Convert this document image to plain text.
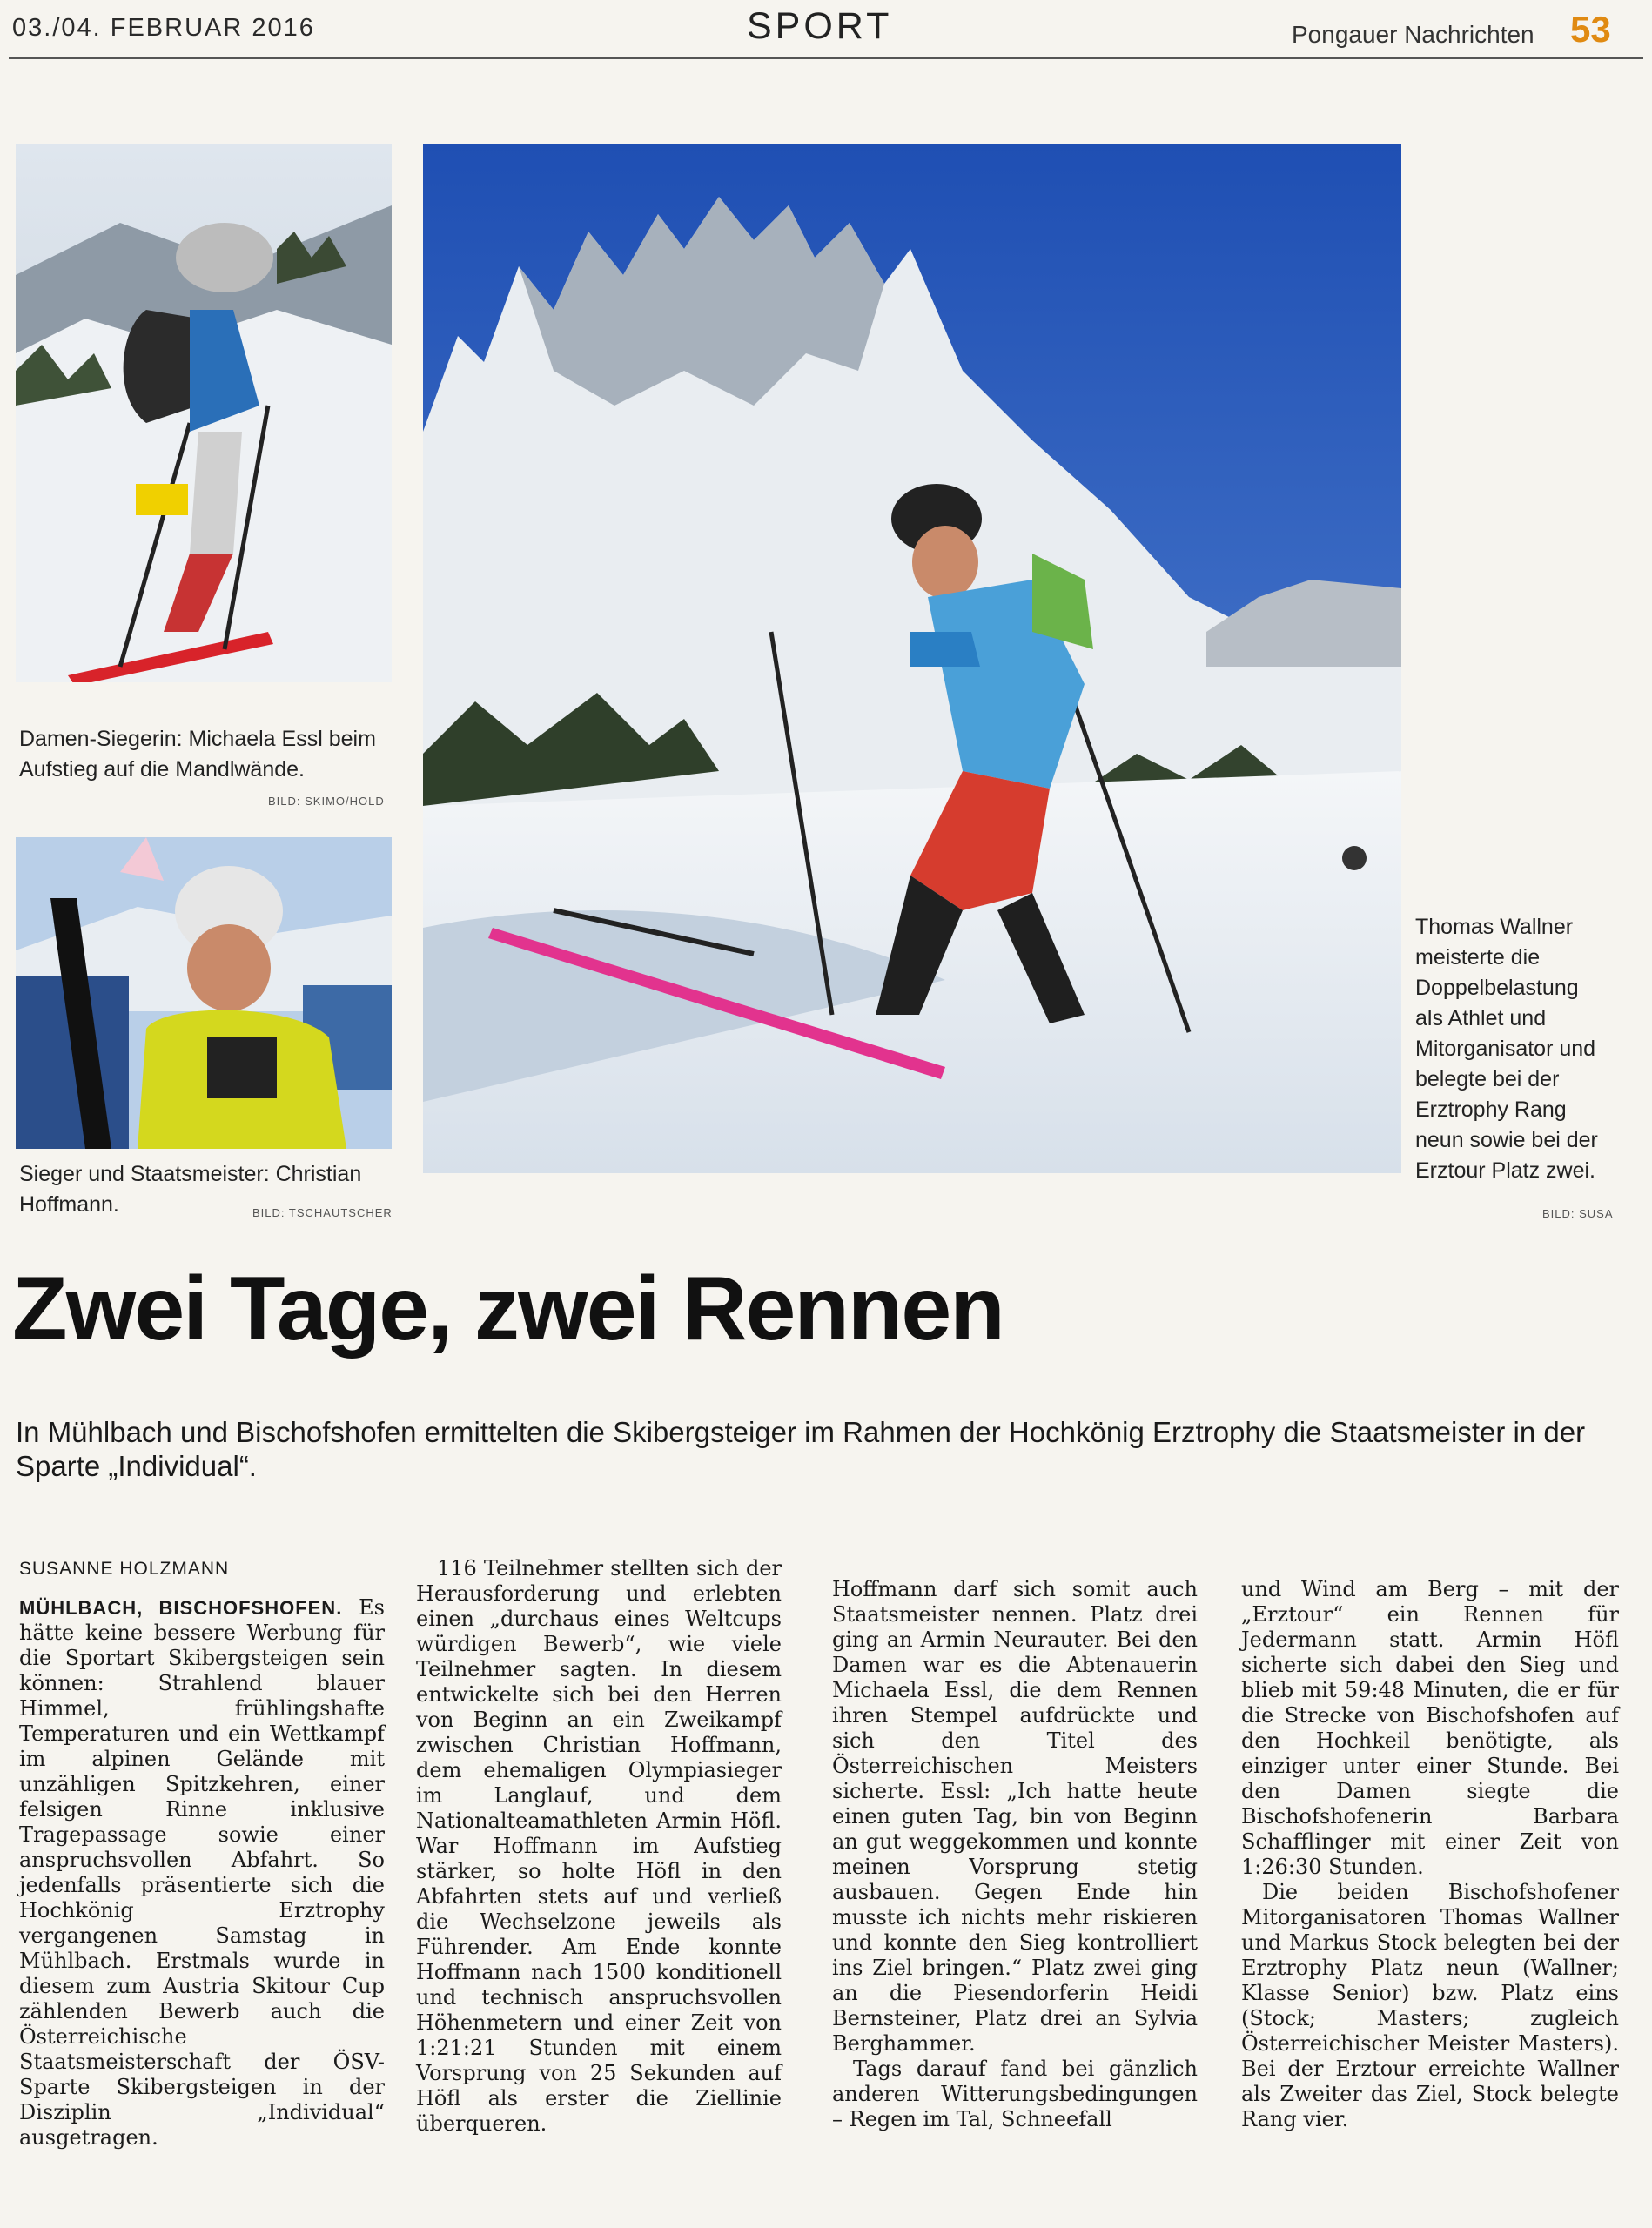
03./04. FEBRUAR 2016	SPORT	Pongauer Nachrichten 53
Damen-Siegerin: Michaela Essl beim Aufstieg auf die Mandlwände.
BILD: SKIMO/HOLD
Sieger und Staatsmeister: Christian Hoffmann.	BILD: TSCHAUTSCHER
Thomas Wallner meisterte die Doppelbelastung als Athlet und Mitorganisator und belegte bei der Erztrophy Rang neun sowie bei der Erztour Platz zwei.
BILD: SUSA
Zwei Tage, zwei Rennen
In Mühlbach und Bischofshofen ermittelten die Skibergsteiger im Rahmen der Hochkönig Erztrophy die Staatsmeister in der Sparte „Individual“.
SUSANNE HOLZMANN

MÜHLBACH, BISCHOFSHOFEN. Es hätte keine bessere Werbung für die Sportart Skibergsteigen sein können: Strahlend blauer Himmel, frühlingshafte Temperaturen und ein Wettkampf im alpinen Gelände mit unzähligen Spitzkehren, einer felsigen Rinne inklusive Tragepassage sowie einer anspruchsvollen Abfahrt. So jedenfalls präsentierte sich die Hochkönig Erztrophy vergangenen Samstag in Mühlbach. Erstmals wurde in diesem zum Austria Skitour Cup zählenden Bewerb auch die Österreichische Staatsmeisterschaft der ÖSV-Sparte Skibergsteigen in der Disziplin „Individual“ ausgetragen.

116 Teilnehmer stellten sich der Herausforderung und erlebten einen „durchaus eines Weltcups würdigen Bewerb“, wie viele Teilnehmer sagten. In diesem entwickelte sich bei den Herren von Beginn an ein Zweikampf zwischen Christian Hoffmann, dem ehemaligen Olympiasieger im Langlauf, und dem Nationalteamathleten Armin Höfl. War Hoffmann im Aufstieg stärker, so holte Höfl in den Abfahrten stets auf und verließ die Wechselzone jeweils als Führender. Am Ende konnte Hoffmann nach 1500 konditionell und technisch anspruchsvollen Höhenmetern und einer Zeit von 1:21:21 Stunden mit einem Vorsprung von 25 Sekunden auf Höfl als erster die Ziellinie überqueren.

Hoffmann darf sich somit auch Staatsmeister nennen. Platz drei ging an Armin Neurauter. Bei den Damen war es die Abtenauerin Michaela Essl, die dem Rennen ihren Stempel aufdrückte und sich den Titel des Österreichischen Meisters sicherte. Essl: „Ich hatte heute einen guten Tag, bin von Beginn an gut weggekommen und konnte meinen Vorsprung stetig ausbauen. Gegen Ende hin musste ich nichts mehr riskieren und konnte den Sieg kontrolliert ins Ziel bringen.“ Platz zwei ging an die Piesendorferin Heidi Bernsteiner, Platz drei an Sylvia Berghammer.

Tags darauf fand bei gänzlich anderen Witterungsbedingungen – Regen im Tal, Schneefall

und Wind am Berg – mit der „Erztour“ ein Rennen für Jedermann statt. Armin Höfl sicherte sich dabei den Sieg und blieb mit 59:48 Minuten, die er für die Strecke von Bischofshofen auf den Hochkeil benötigte, als einziger unter einer Stunde. Bei den Damen siegte die Bischofshofenerin Barbara Schafflinger mit einer Zeit von 1:26:30 Stunden.

Die beiden Bischofshofener Mitorganisatoren Thomas Wallner und Markus Stock belegten bei der Erztrophy Platz neun (Wallner; Klasse Senior) bzw. Platz eins (Stock; Masters; zugleich Österreichischer Meister Masters). Bei der Erztour erreichte Wallner als Zweiter das Ziel, Stock belegte Rang vier.
